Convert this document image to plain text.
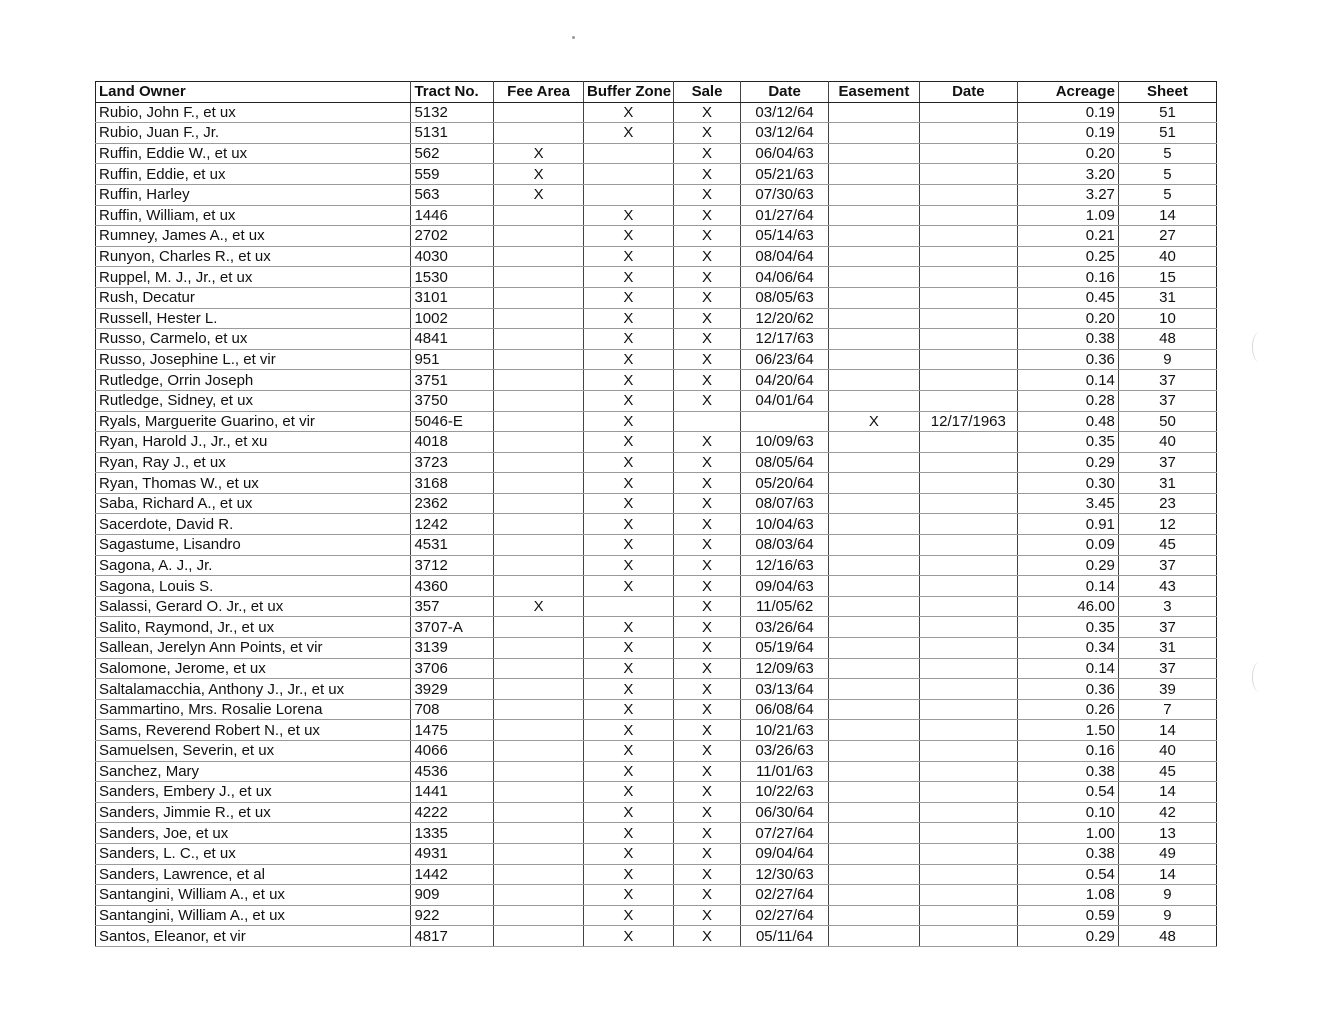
Land Owner	Tract No.	Fee Area	Buffer Zone	Sale	Date	Easement	Date	Acreage	Sheet
Rubio, John F., et ux	5132		X	X	03/12/64			0.19	51
Rubio, Juan F., Jr.	5131		X	X	03/12/64			0.19	51
Ruffin, Eddie W., et ux	562	X		X	06/04/63			0.20	5
Ruffin, Eddie, et ux	559	X		X	05/21/63			3.20	5
Ruffin, Harley	563	X		X	07/30/63			3.27	5
Ruffin, William, et ux	1446		X	X	01/27/64			1.09	14
Rumney, James A., et ux	2702		X	X	05/14/63			0.21	27
Runyon, Charles R., et ux	4030		X	X	08/04/64			0.25	40
Ruppel, M. J., Jr., et ux	1530		X	X	04/06/64			0.16	15
Rush, Decatur	3101		X	X	08/05/63			0.45	31
Russell, Hester L.	1002		X	X	12/20/62			0.20	10
Russo, Carmelo, et ux	4841		X	X	12/17/63			0.38	48
Russo, Josephine L., et vir	951		X	X	06/23/64			0.36	9
Rutledge, Orrin Joseph	3751		X	X	04/20/64			0.14	37
Rutledge, Sidney, et ux	3750		X	X	04/01/64			0.28	37
Ryals, Marguerite Guarino, et vir	5046-E		X			X	12/17/1963	0.48	50
Ryan, Harold J., Jr., et xu	4018		X	X	10/09/63			0.35	40
Ryan, Ray J., et ux	3723		X	X	08/05/64			0.29	37
Ryan, Thomas W., et ux	3168		X	X	05/20/64			0.30	31
Saba, Richard A., et ux	2362		X	X	08/07/63			3.45	23
Sacerdote, David R.	1242		X	X	10/04/63			0.91	12
Sagastume, Lisandro	4531		X	X	08/03/64			0.09	45
Sagona, A. J., Jr.	3712		X	X	12/16/63			0.29	37
Sagona, Louis S.	4360		X	X	09/04/63			0.14	43
Salassi, Gerard O. Jr., et ux	357	X		X	11/05/62			46.00	3
Salito, Raymond, Jr., et ux	3707-A		X	X	03/26/64			0.35	37
Sallean, Jerelyn Ann Points, et vir	3139		X	X	05/19/64			0.34	31
Salomone, Jerome, et ux	3706		X	X	12/09/63			0.14	37
Saltalamacchia, Anthony J., Jr., et ux	3929		X	X	03/13/64			0.36	39
Sammartino, Mrs. Rosalie Lorena	708		X	X	06/08/64			0.26	7
Sams, Reverend Robert N., et ux	1475		X	X	10/21/63			1.50	14
Samuelsen, Severin, et ux	4066		X	X	03/26/63			0.16	40
Sanchez, Mary	4536		X	X	11/01/63			0.38	45
Sanders, Embery J., et ux	1441		X	X	10/22/63			0.54	14
Sanders, Jimmie R., et ux	4222		X	X	06/30/64			0.10	42
Sanders, Joe, et ux	1335		X	X	07/27/64			1.00	13
Sanders, L. C., et ux	4931		X	X	09/04/64			0.38	49
Sanders, Lawrence, et al	1442		X	X	12/30/63			0.54	14
Santangini, William A., et ux	909		X	X	02/27/64			1.08	9
Santangini, William A., et ux	922		X	X	02/27/64			0.59	9
Santos, Eleanor, et vir	4817		X	X	05/11/64			0.29	48
